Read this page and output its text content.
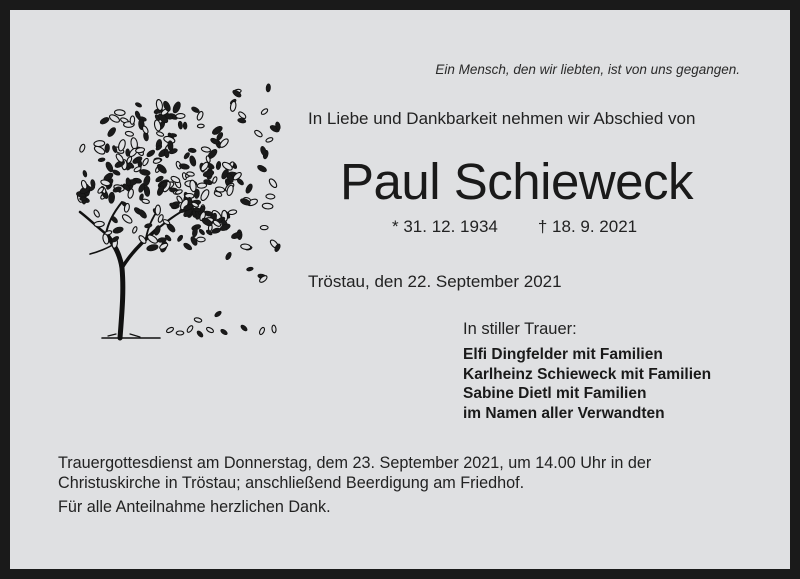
Ein Mensch, den wir liebten, ist von uns gegangen.
In Liebe und Dankbarkeit nehmen wir Abschied von
Paul Schieweck
* 31. 12. 1934 † 18. 9. 2021
Tröstau, den 22. September 2021
In stiller Trauer:
Elfi Dingfelder mit Familien
Karlheinz Schieweck mit Familien
Sabine Dietl mit Familien
im Namen aller Verwandten
Trauergottesdienst am Donnerstag, dem 23. September 2021, um 14.00 Uhr in der
Christuskirche in Tröstau; anschließend Beerdigung am Friedhof.
Für alle Anteilnahme herzlichen Dank.
